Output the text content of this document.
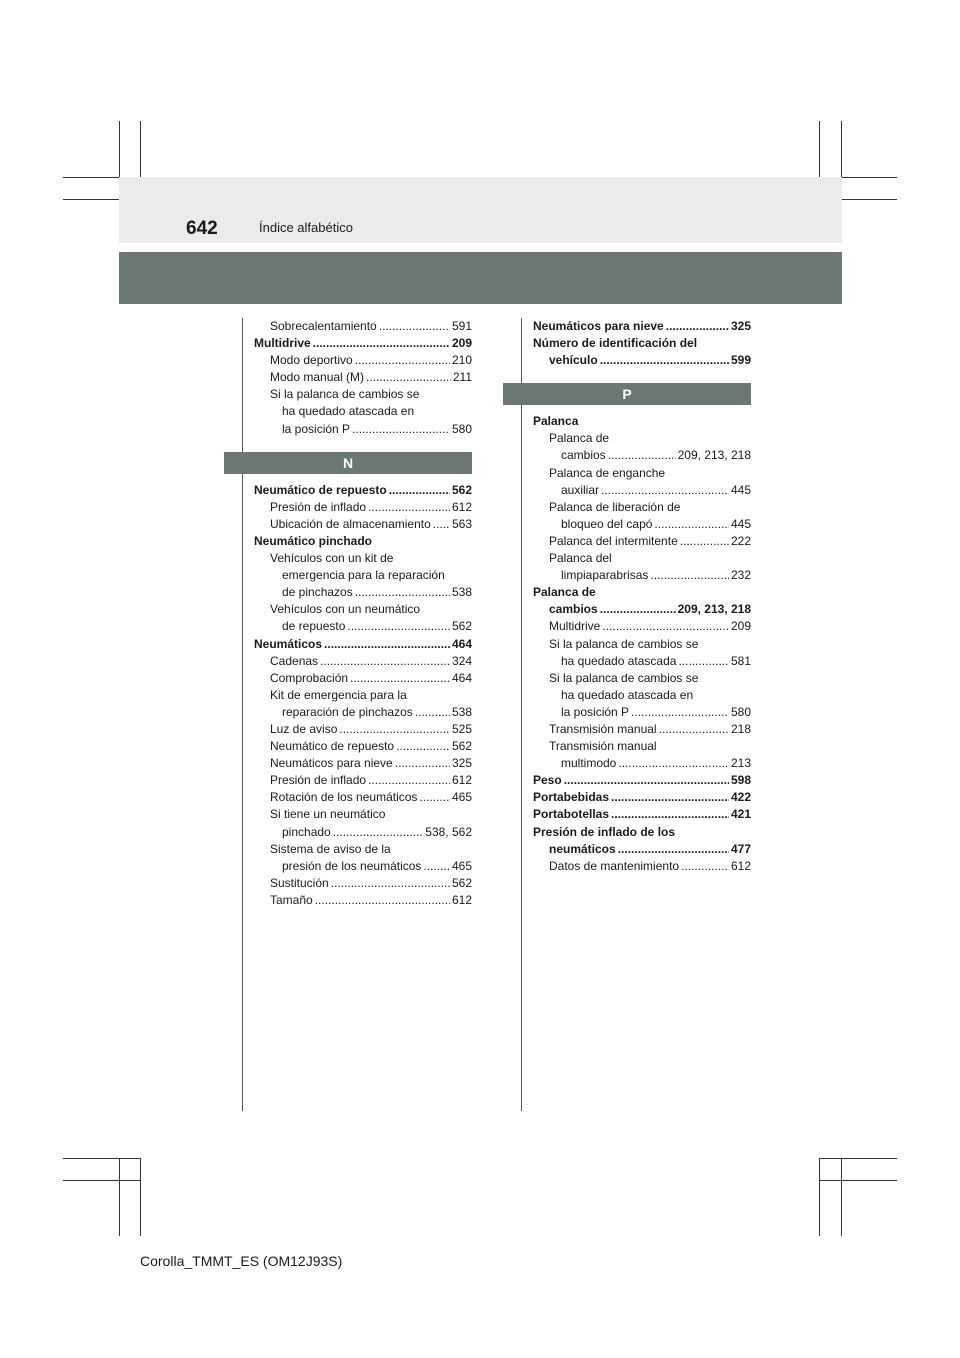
642	Índice alfabético
Sobrecalentamiento .....	591
Multidrive .....	209
Modo deportivo .....	210
Modo manual (M) .....	211
Si la palanca de cambios se
ha quedado atascada en
la posición P .....	580
N
Neumático de repuesto .....	562
Presión de inflado .....	612
Ubicación de almacenamiento ..... 563
Neumático pinchado
Vehículos con un kit de
emergencia para la reparación
de pinchazos .....	538
Vehículos con un neumático
de repuesto .....	562
Neumáticos .....	464
Cadenas .....	324
Comprobación .....	464
Kit de emergencia para la
reparación de pinchazos .....	538
Luz de aviso .....	525
Neumático de repuesto .....	562
Neumáticos para nieve .....	325
Presión de inflado .....	612
Rotación de los neumáticos .....	465
Si tiene un neumático
pinchado .....	538, 562
Sistema de aviso de la
presión de los neumáticos .....	465
Sustitución .....	562
Tamaño .....	612
Neumáticos para nieve .....	325
Número de identificación del
vehículo .....	599
P
Palanca
Palanca de
cambios .....	209, 213, 218
Palanca de enganche
auxiliar .....	445
Palanca de liberación de
bloqueo del capó .....	445
Palanca del intermitente .....	222
Palanca del
limpiaparabrisas .....	232
Palanca de
cambios .....	209, 213, 218
Multidrive .....	209
Si la palanca de cambios se
ha quedado atascada .....	581
Si la palanca de cambios se
ha quedado atascada en
la posición P .....	580
Transmisión manual .....	218
Transmisión manual
multimodo .....	213
Peso .....	598
Portabebidas .....	422
Portabotellas .....	421
Presión de inflado de los
neumáticos .....	477
Datos de mantenimiento .....	612
Corolla_TMMT_ES (OM12J93S)
